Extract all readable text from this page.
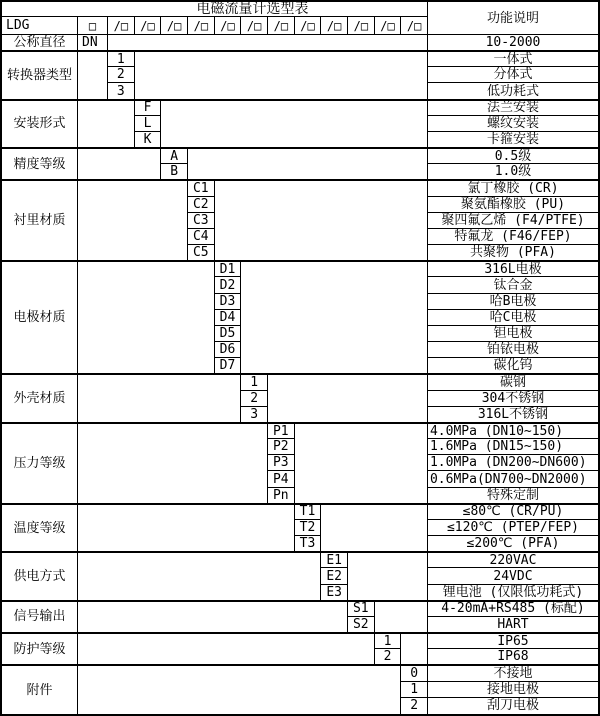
电磁流量计选型表
功能说明
LDG	□	/□	/□	/□	/□	/□	/□	/□	/□	/□	/□	/□	/□
公称直径	DN	10-2000
转换器类型
1	一体式
2	分体式
3	低功耗式
安装形式
F	法兰安装
L	螺纹安装
K	卡箍安装
精度等级
A	0.5级
B	1.0级
衬里材质
C1	氯丁橡胶 (CR)
C2	聚氨酯橡胶 (PU)
C3	聚四氟乙烯 (F4/PTFE)
C4	特氟龙 (F46/FEP)
C5	共聚物 (PFA)
电极材质
D1	316L电极
D2	钛合金
D3	哈B电极
D4	哈C电极
D5	钽电极
D6	铂铱电极
D7	碳化钨
外壳材质
1	碳钢
2	304不锈钢
3	316L不锈钢
压力等级
P1	4.0MPa (DN10~150)
P2	1.6MPa (DN15~150)
P3	1.0MPa (DN200~DN600)
P4	0.6MPa(DN700~DN2000)
Pn	特殊定制
温度等级
T1	≤80℃ (CR/PU)
T2	≤120℃ (PTEP/FEP)
T3	≤200℃ (PFA)
供电方式
E1	220VAC
E2	24VDC
E3	锂电池 (仅限低功耗式)
信号输出
S1	4-20mA+RS485 (标配)
S2	HART
防护等级
1	IP65
2	IP68
附件
0	不接地
1	接地电极
2	刮刀电极
